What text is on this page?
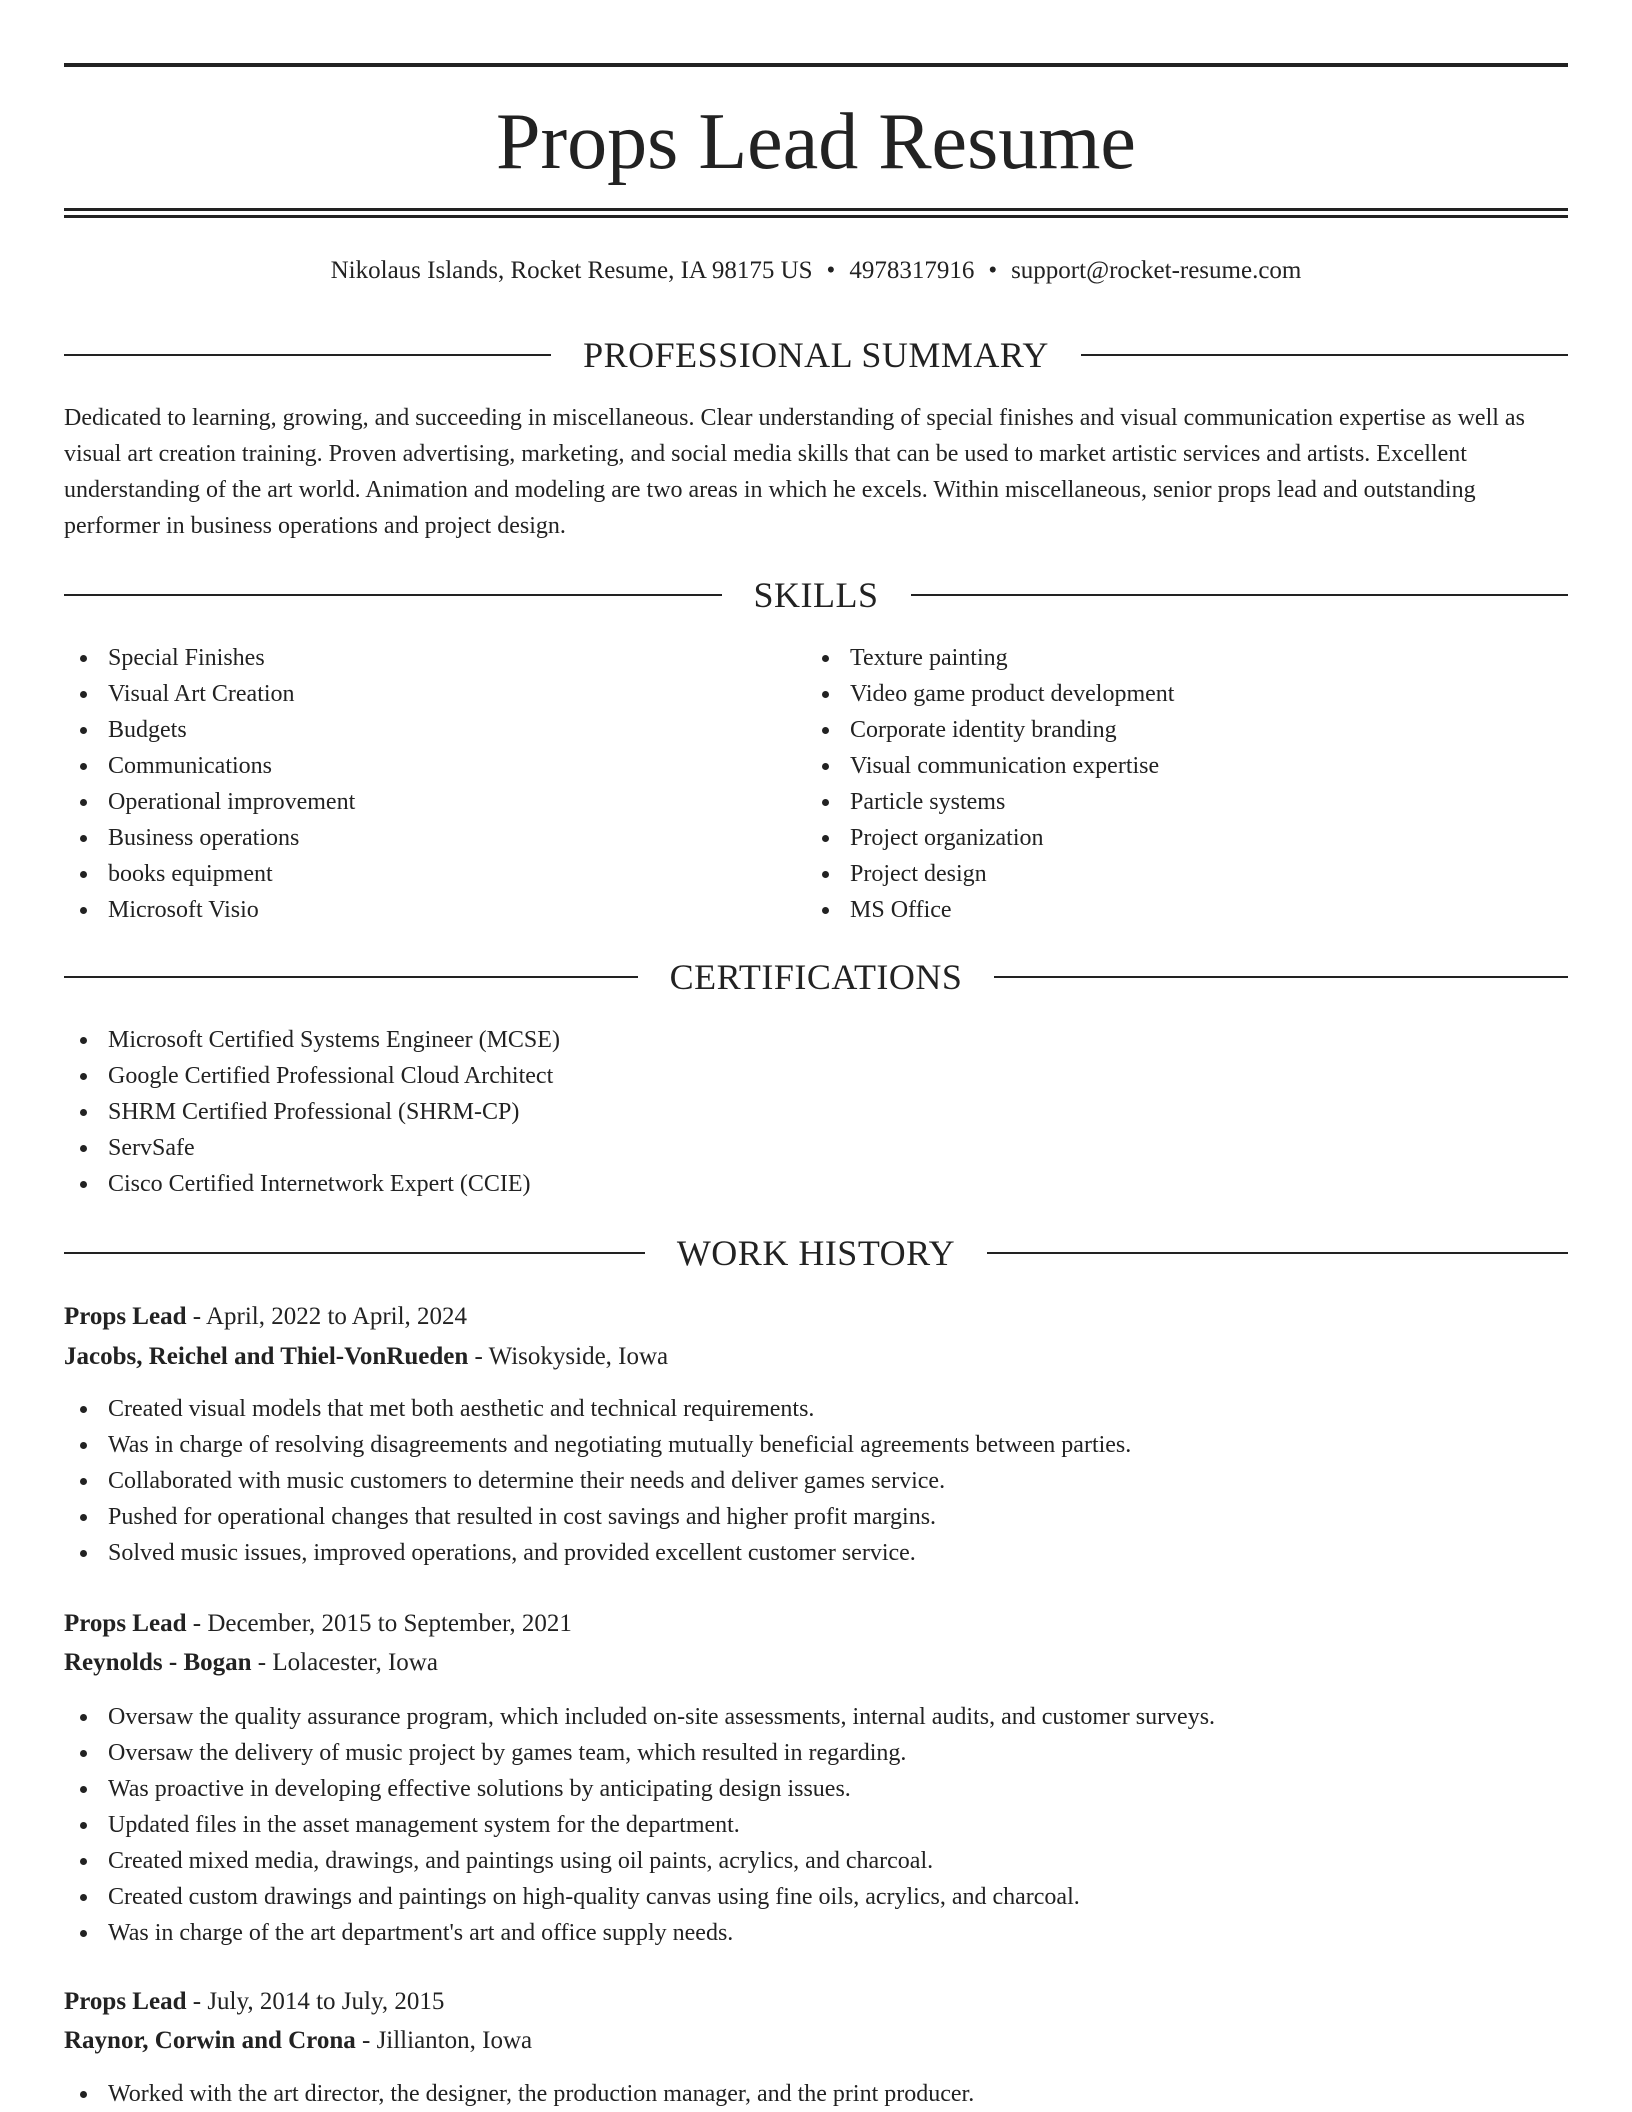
Props Lead Resume
Nikolaus Islands, Rocket Resume, IA 98175 US • 4978317916 • support@rocket-resume.com
PROFESSIONAL SUMMARY

Dedicated to learning, growing, and succeeding in miscellaneous. Clear understanding of special finishes and visual communication expertise as well as visual art creation training. Proven advertising, marketing, and social media skills that can be used to market artistic services and artists. Excellent understanding of the art world. Animation and modeling are two areas in which he excels. Within miscellaneous, senior props lead and outstanding performer in business operations and project design.

SKILLS
Special Finishes
Visual Art Creation
Budgets
Communications
Operational improvement
Business operations
books equipment
Microsoft Visio
Texture painting
Video game product development
Corporate identity branding
Visual communication expertise
Particle systems
Project organization
Project design
MS Office
CERTIFICATIONS
Microsoft Certified Systems Engineer (MCSE)
Google Certified Professional Cloud Architect
SHRM Certified Professional (SHRM-CP)
ServSafe
Cisco Certified Internetwork Expert (CCIE)
WORK HISTORY
Props Lead - April, 2022 to April, 2024
Jacobs, Reichel and Thiel-VonRueden - Wisokyside, Iowa
Created visual models that met both aesthetic and technical requirements.
Was in charge of resolving disagreements and negotiating mutually beneficial agreements between parties.
Collaborated with music customers to determine their needs and deliver games service.
Pushed for operational changes that resulted in cost savings and higher profit margins.
Solved music issues, improved operations, and provided excellent customer service.
Props Lead - December, 2015 to September, 2021
Reynolds - Bogan - Lolacester, Iowa
Oversaw the quality assurance program, which included on-site assessments, internal audits, and customer surveys.
Oversaw the delivery of music project by games team, which resulted in regarding.
Was proactive in developing effective solutions by anticipating design issues.
Updated files in the asset management system for the department.
Created mixed media, drawings, and paintings using oil paints, acrylics, and charcoal.
Created custom drawings and paintings on high-quality canvas using fine oils, acrylics, and charcoal.
Was in charge of the art department's art and office supply needs.
Props Lead - July, 2014 to July, 2015
Raynor, Corwin and Crona - Jillianton, Iowa
Worked with the art director, the designer, the production manager, and the print producer.
